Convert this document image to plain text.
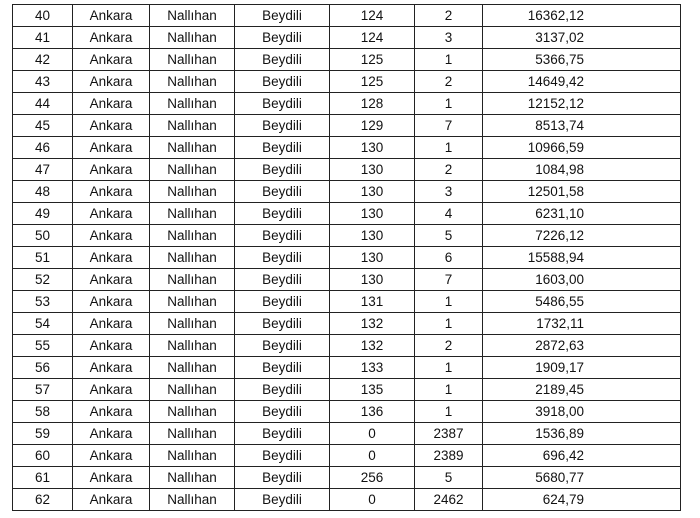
40	Ankara	Nallıhan	Beydili	124	2	16362,12
41	Ankara	Nallıhan	Beydili	124	3	3137,02
42	Ankara	Nallıhan	Beydili	125	1	5366,75
43	Ankara	Nallıhan	Beydili	125	2	14649,42
44	Ankara	Nallıhan	Beydili	128	1	12152,12
45	Ankara	Nallıhan	Beydili	129	7	8513,74
46	Ankara	Nallıhan	Beydili	130	1	10966,59
47	Ankara	Nallıhan	Beydili	130	2	1084,98
48	Ankara	Nallıhan	Beydili	130	3	12501,58
49	Ankara	Nallıhan	Beydili	130	4	6231,10
50	Ankara	Nallıhan	Beydili	130	5	7226,12
51	Ankara	Nallıhan	Beydili	130	6	15588,94
52	Ankara	Nallıhan	Beydili	130	7	1603,00
53	Ankara	Nallıhan	Beydili	131	1	5486,55
54	Ankara	Nallıhan	Beydili	132	1	1732,11
55	Ankara	Nallıhan	Beydili	132	2	2872,63
56	Ankara	Nallıhan	Beydili	133	1	1909,17
57	Ankara	Nallıhan	Beydili	135	1	2189,45
58	Ankara	Nallıhan	Beydili	136	1	3918,00
59	Ankara	Nallıhan	Beydili	0	2387	1536,89
60	Ankara	Nallıhan	Beydili	0	2389	696,42
61	Ankara	Nallıhan	Beydili	256	5	5680,77
62	Ankara	Nallıhan	Beydili	0	2462	624,79
